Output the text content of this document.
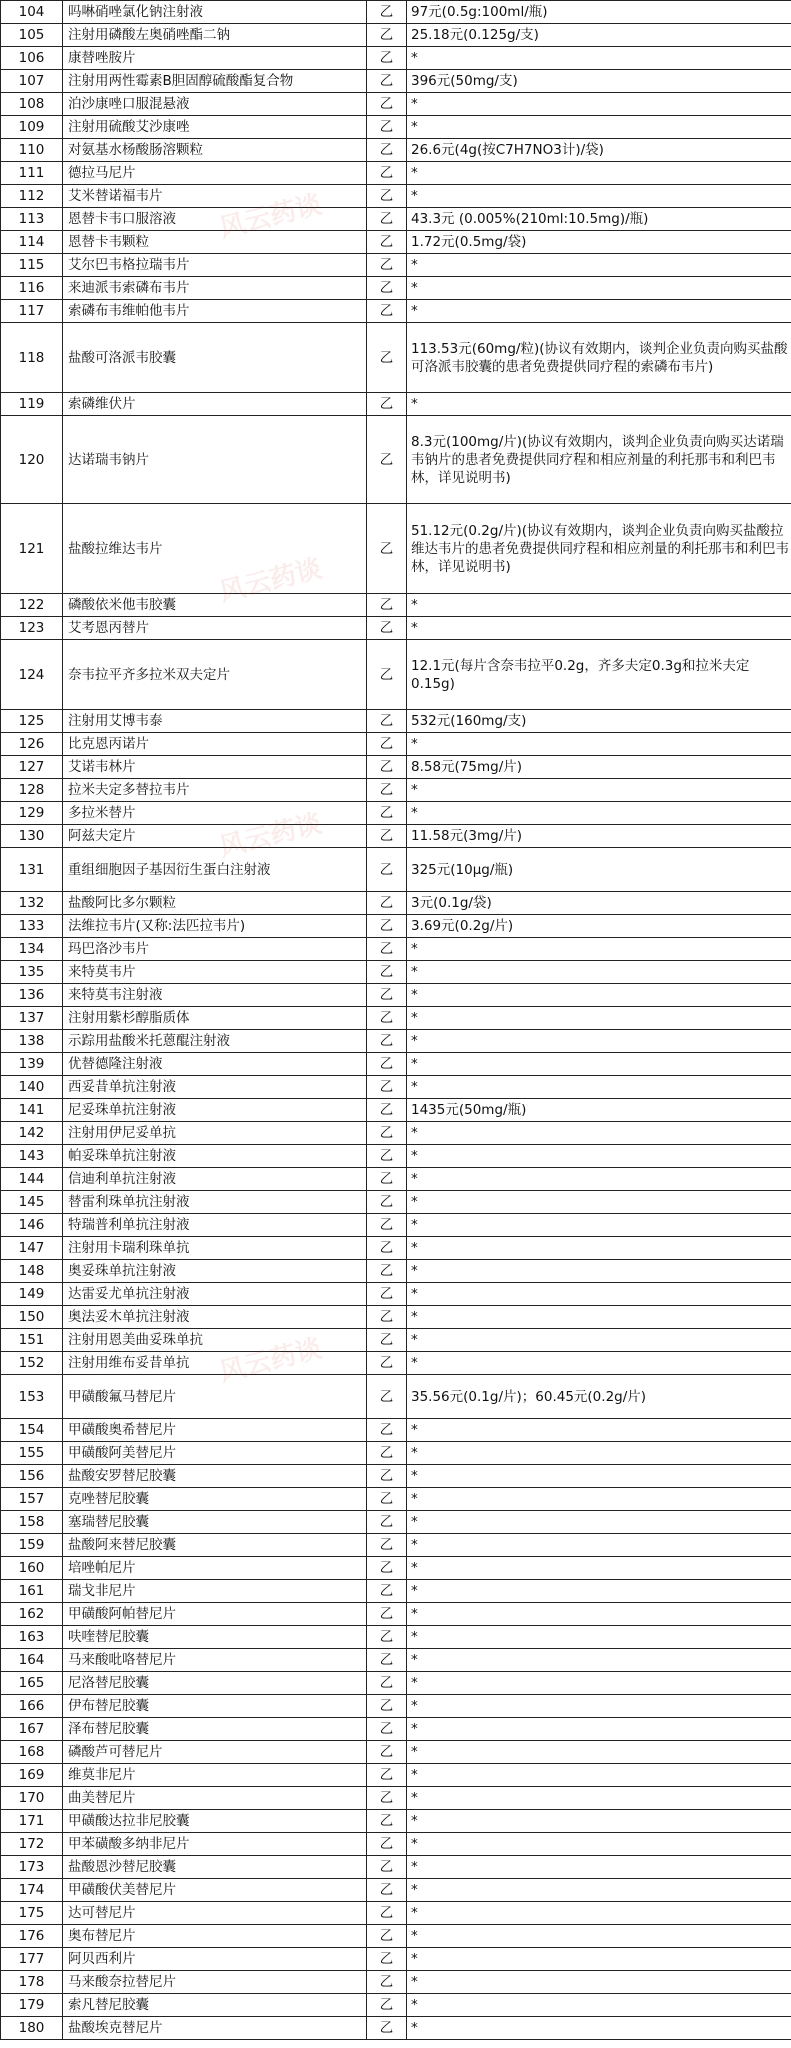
104	吗啉硝唑氯化钠注射液	乙	97元(0.5g:100ml/瓶)
105	注射用磷酸左奥硝唑酯二钠	乙	25.18元(0.125g/支)
106	康替唑胺片	乙	*
107	注射用两性霉素B胆固醇硫酸酯复合物	乙	396元(50mg/支)
108	泊沙康唑口服混悬液	乙	*
109	注射用硫酸艾沙康唑	乙	*
110	对氨基水杨酸肠溶颗粒	乙	26.6元(4g(按C7H7NO3计)/袋)
111	德拉马尼片	乙	*
112	艾米替诺福韦片	乙	*
113	恩替卡韦口服溶液	乙	43.3元 (0.005%(210ml:10.5mg)/瓶)
114	恩替卡韦颗粒	乙	1.72元(0.5mg/袋)
115	艾尔巴韦格拉瑞韦片	乙	*
116	来迪派韦索磷布韦片	乙	*
117	索磷布韦维帕他韦片	乙	*
118	盐酸可洛派韦胶囊	乙	113.53元(60mg/粒)(协议有效期内，谈判企业负责向购买盐酸可洛派韦胶囊的患者免费提供同疗程的索磷布韦片)
119	索磷维伏片	乙	*
120	达诺瑞韦钠片	乙	8.3元(100mg/片)(协议有效期内，谈判企业负责向购买达诺瑞韦钠片的患者免费提供同疗程和相应剂量的利托那韦和利巴韦林，详见说明书)
121	盐酸拉维达韦片	乙	51.12元(0.2g/片)(协议有效期内，谈判企业负责向购买盐酸拉维达韦片的患者免费提供同疗程和相应剂量的利托那韦和利巴韦林，详见说明书)
122	磷酸依米他韦胶囊	乙	*
123	艾考恩丙替片	乙	*
124	奈韦拉平齐多拉米双夫定片	乙	12.1元(每片含奈韦拉平0.2g，齐多夫定0.3g和拉米夫定0.15g)
125	注射用艾博韦泰	乙	532元(160mg/支)
126	比克恩丙诺片	乙	*
127	艾诺韦林片	乙	8.58元(75mg/片)
128	拉米夫定多替拉韦片	乙	*
129	多拉米替片	乙	*
130	阿兹夫定片	乙	11.58元(3mg/片)
131	重组细胞因子基因衍生蛋白注射液	乙	325元(10μg/瓶)
132	盐酸阿比多尔颗粒	乙	3元(0.1g/袋)
133	法维拉韦片(又称:法匹拉韦片)	乙	3.69元(0.2g/片)
134	玛巴洛沙韦片	乙	*
135	来特莫韦片	乙	*
136	来特莫韦注射液	乙	*
137	注射用紫杉醇脂质体	乙	*
138	示踪用盐酸米托蒽醌注射液	乙	*
139	优替德隆注射液	乙	*
140	西妥昔单抗注射液	乙	*
141	尼妥珠单抗注射液	乙	1435元(50mg/瓶)
142	注射用伊尼妥单抗	乙	*
143	帕妥珠单抗注射液	乙	*
144	信迪利单抗注射液	乙	*
145	替雷利珠单抗注射液	乙	*
146	特瑞普利单抗注射液	乙	*
147	注射用卡瑞利珠单抗	乙	*
148	奥妥珠单抗注射液	乙	*
149	达雷妥尤单抗注射液	乙	*
150	奥法妥木单抗注射液	乙	*
151	注射用恩美曲妥珠单抗	乙	*
152	注射用维布妥昔单抗	乙	*
153	甲磺酸氟马替尼片	乙	35.56元(0.1g/片)；60.45元(0.2g/片)
154	甲磺酸奥希替尼片	乙	*
155	甲磺酸阿美替尼片	乙	*
156	盐酸安罗替尼胶囊	乙	*
157	克唑替尼胶囊	乙	*
158	塞瑞替尼胶囊	乙	*
159	盐酸阿来替尼胶囊	乙	*
160	培唑帕尼片	乙	*
161	瑞戈非尼片	乙	*
162	甲磺酸阿帕替尼片	乙	*
163	呋喹替尼胶囊	乙	*
164	马来酸吡咯替尼片	乙	*
165	尼洛替尼胶囊	乙	*
166	伊布替尼胶囊	乙	*
167	泽布替尼胶囊	乙	*
168	磷酸芦可替尼片	乙	*
169	维莫非尼片	乙	*
170	曲美替尼片	乙	*
171	甲磺酸达拉非尼胶囊	乙	*
172	甲苯磺酸多纳非尼片	乙	*
173	盐酸恩沙替尼胶囊	乙	*
174	甲磺酸伏美替尼片	乙	*
175	达可替尼片	乙	*
176	奥布替尼片	乙	*
177	阿贝西利片	乙	*
178	马来酸奈拉替尼片	乙	*
179	索凡替尼胶囊	乙	*
180	盐酸埃克替尼片	乙	*
风云药谈
风云药谈
风云药谈
风云药谈
